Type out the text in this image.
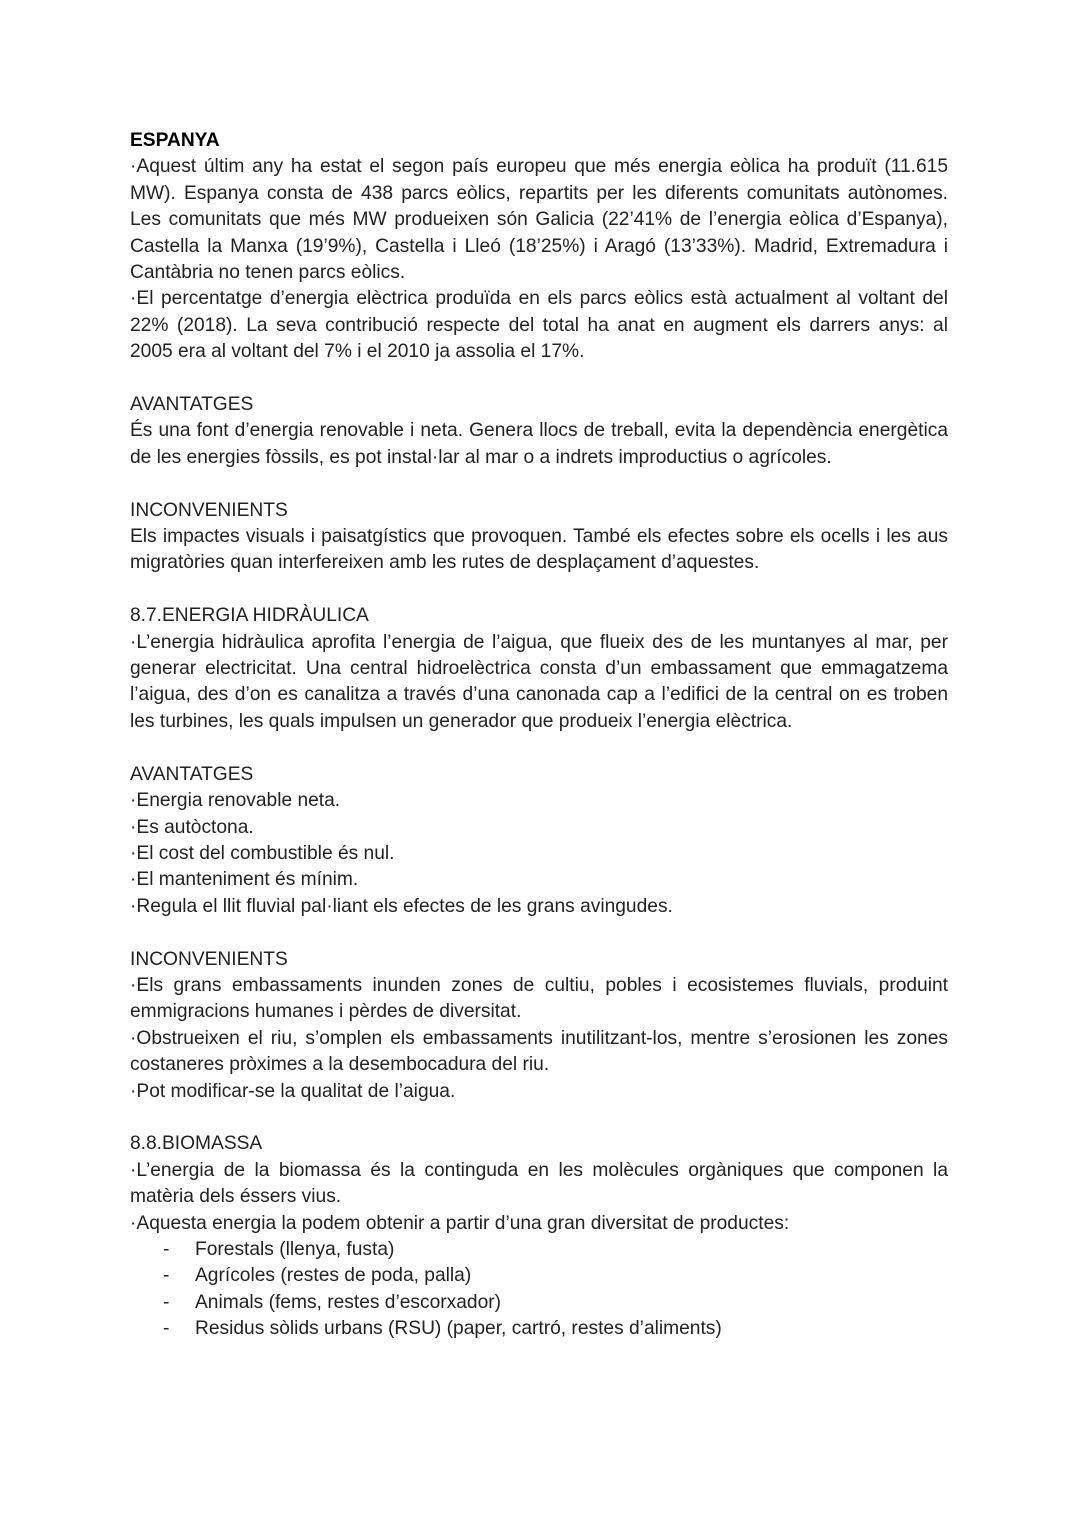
ESPANYA

·Aquest últim any ha estat el segon país europeu que més energia eòlica ha produït (11.615 MW). Espanya consta de 438 parcs eòlics, repartits per les diferents comunitats autònomes. Les comunitats que més MW produeixen són Galicia (22’41% de l’energia eòlica d’Espanya), Castella la Manxa (19’9%), Castella i Lleó (18’25%) i Aragó (13’33%). Madrid, Extremadura i Cantàbria no tenen parcs eòlics.

·El percentatge d’energia elèctrica produïda en els parcs eòlics està actualment al voltant del 22% (2018). La seva contribució respecte del total ha anat en augment els darrers anys: al 2005 era al voltant del 7% i el 2010 ja assolia el 17%.

AVANTATGES

És una font d’energia renovable i neta. Genera llocs de treball, evita la dependència energètica de les energies fòssils, es pot instal·lar al mar o a indrets improductius o agrícoles.

INCONVENIENTS

Els impactes visuals i paisatgístics que provoquen. També els efectes sobre els ocells i les aus migratòries quan interfereixen amb les rutes de desplaçament d’aquestes.

8.7.ENERGIA HIDRÀULICA

·L’energia hidràulica aprofita l’energia de l’aigua, que flueix des de les muntanyes al mar, per generar electricitat. Una central hidroelèctrica consta d’un embassament que emmagatzema l’aigua, des d’on es canalitza a través d’una canonada cap a l’edifici de la central on es troben les turbines, les quals impulsen un generador que produeix l’energia elèctrica.

AVANTATGES
·Energia renovable neta.
·Es autòctona.
·El cost del combustible és nul.
·El manteniment és mínim.
·Regula el llit fluvial pal·liant els efectes de les grans avingudes.
INCONVENIENTS

·Els grans embassaments inunden zones de cultiu, pobles i ecosistemes fluvials, produint emmigracions humanes i pèrdes de diversitat.

·Obstrueixen el riu, s’omplen els embassaments inutilitzant-los, mentre s’erosionen les zones costaneres pròximes a la desembocadura del riu.

·Pot modificar-se la qualitat de l’aigua.

8.8.BIOMASSA

·L’energia de la biomassa és la continguda en les molècules orgàniques que componen la matèria dels éssers vius.

·Aquesta energia la podem obtenir a partir d’una gran diversitat de productes:

- Forestals (llenya, fusta)
- Agrícoles (restes de poda, palla)
- Animals (fems, restes d’escorxador)
- Residus sòlids urbans (RSU) (paper, cartró, restes d’aliments)
